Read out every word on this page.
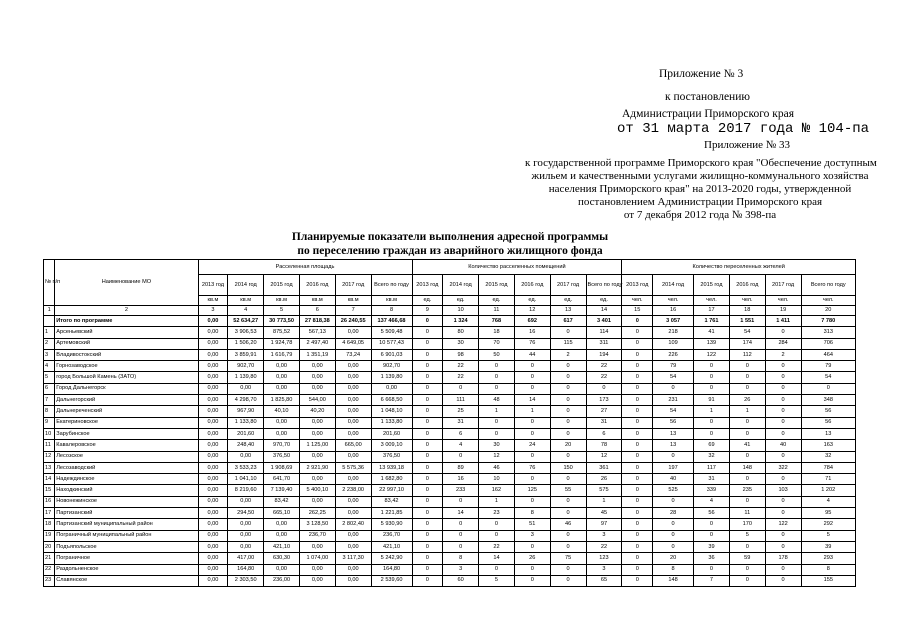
Приложение № 3
к постановлению
Администрации Приморского края
от 31 марта 2017 года № 104-па
Приложение № 33
к государственной программе Приморского края "Обеспечение доступным
жильем и качественными услугами жилищно-коммунального хозяйства
населения Приморского края" на 2013-2020 годы, утвержденной
постановлением Администрации Приморского края
от 7 декабря 2012 года № 398-па
Планируемые показатели выполнения адресной программы
по переселению граждан из аварийного жилищного фонда
№ п/п	Наименование МО	Расселенная площадь						Количество расселенных помещений						Количество переселенных жителей					
		2013 год	2014 год	2015 год	2016 год	2017 год	Всего по году	2013 год	2014 год	2015 год	2016 год	2017 год	Всего по году	2013 год	2014 год	2015 год	2016 год	2017 год	Всего по году
		кв.м	кв.м	кв.м	кв.м	кв.м	кв.м	ед.	ед.	ед.	ед.	ед.	ед.	чел.	чел.	чел.	чел.	чел.	чел.
1	2	3	4	5	6	7	8	9	10	11	12	13	14	15	16	17	18	19	20
	Итого по программе	0,00	52 634,27	30 773,50	27 818,38	26 240,55	137 466,68	0	1 324	768	692	617	3 401	0	3 057	1 761	1 551	1 411	7 780
1	Арсеньевский	0,00	3 906,53	875,52	567,13	0,00	5 509,48	0	80	18	16	0	114	0	218	41	54	0	313
2	Артемовский	0,00	1 506,20	1 924,78	2 497,40	4 649,05	10 577,43	0	30	70	76	115	311	0	109	139	174	284	706
3	Владивостокский	0,00	3 859,91	1 616,79	1 351,19	73,24	6 901,03	0	98	50	44	2	194	0	226	122	112	2	464
4	Горнозаводское	0,00	902,70	0,00	0,00	0,00	902,70	0	22	0	0	0	22	0	79	0	0	0	79
5	город Большой Камень (ЗАТО)	0,00	1 139,80	0,00	0,00	0,00	1 139,80	0	22	0	0	0	22	0	54	0	0	0	54
6	Город Дальнегорск	0,00	0,00	0,00	0,00	0,00	0,00	0	0	0	0	0	0	0	0	0	0	0	0
7	Дальнегорский	0,00	4 298,70	1 825,80	544,00	0,00	6 668,50	0	111	48	14	0	173	0	231	91	26	0	348
8	Дальнереченский	0,00	967,90	40,10	40,20	0,00	1 048,10	0	25	1	1	0	27	0	54	1	1	0	56
9	Екатериновское	0,00	1 133,80	0,00	0,00	0,00	1 133,80	0	31	0	0	0	31	0	56	0	0	0	56
10	Зарубинское	0,00	201,60	0,00	0,00	0,00	201,60	0	6	0	0	0	6	0	13	0	0	0	13
11	Кавалеровское	0,00	248,40	970,70	1 125,00	665,00	3 009,10	0	4	30	24	20	78	0	13	69	41	40	163
12	Лесозское	0,00	0,00	376,50	0,00	0,00	376,50	0	0	12	0	0	12	0	0	32	0	0	32
13	Лесозаводский	0,00	3 533,23	1 908,69	2 921,90	5 575,36	13 939,18	0	89	46	76	150	361	0	197	117	148	322	784
14	Надеждинское	0,00	1 041,10	641,70	0,00	0,00	1 682,80	0	16	10	0	0	26	0	40	31	0	0	71
15	Находкинский	0,00	8 219,60	7 139,40	5 400,10	2 238,00	22 997,10	0	233	162	125	55	575	0	525	339	235	103	1 202
16	Новонежинское	0,00	0,00	83,42	0,00	0,00	83,42	0	0	1	0	0	1	0	0	4	0	0	4
17	Партизанский	0,00	294,50	665,10	262,25	0,00	1 221,85	0	14	23	8	0	45	0	28	56	11	0	95
18	Партизанский муниципальный район	0,00	0,00	0,00	3 128,50	2 802,40	5 930,90	0	0	0	51	46	97	0	0	0	170	122	292
19	Пограничный муниципальный район	0,00	0,00	0,00	236,70	0,00	236,70	0	0	0	3	0	3	0	0	0	5	0	5
20	Подъяпольское	0,00	0,00	421,10	0,00	0,00	421,10	0	0	22	0	0	22	0	0	39	0	0	39
21	Пограничное	0,00	417,00	630,30	1 074,00	3 117,30	5 242,90	0	8	14	26	75	123	0	20	36	59	178	293
22	Раздольненское	0,00	164,80	0,00	0,00	0,00	164,80	0	3	0	0	0	3	0	8	0	0	0	8
23	Славянское	0,00	2 303,50	236,00	0,00	0,00	2 539,60	0	60	5	0	0	65	0	148	7	0	0	155
